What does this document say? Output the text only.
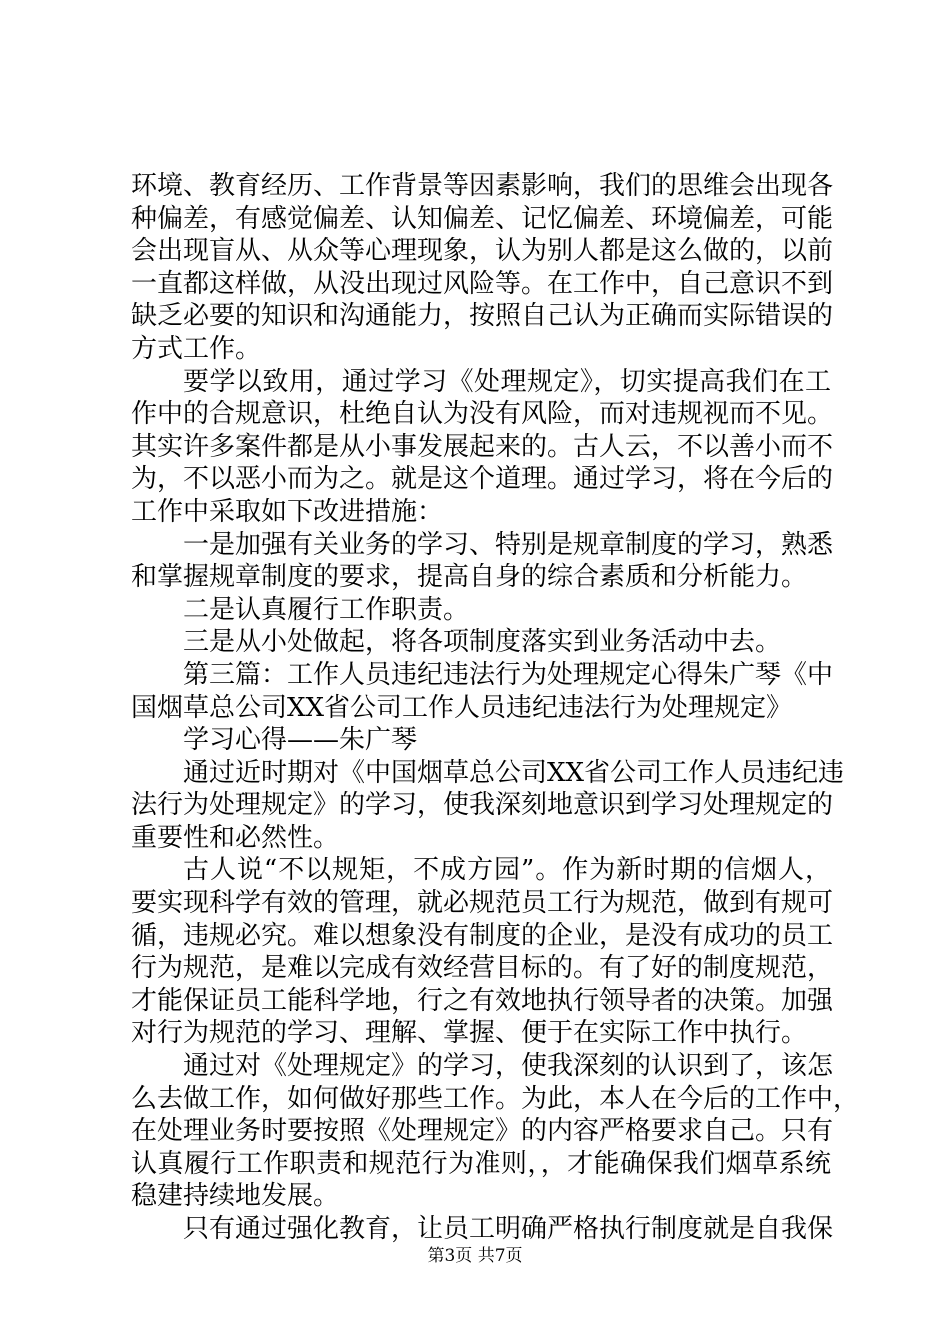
环境、教育经历、工作背景等因素影响，我们的思维会出现各
种偏差，有感觉偏差、认知偏差、记忆偏差、环境偏差，可能
会出现盲从、从众等心理现象，认为别人都是这么做的，以前
一直都这样做，从没出现过风险等。在工作中，自己意识不到
缺乏必要的知识和沟通能力，按照自己认为正确而实际错误的
方式工作。
要学以致用，通过学习《处理规定》，切实提高我们在工
作中的合规意识，杜绝自认为没有风险，而对违规视而不见。
其实许多案件都是从小事发展起来的。古人云，不以善小而不
为，不以恶小而为之。就是这个道理。通过学习，将在今后的
工作中采取如下改进措施：
一是加强有关业务的学习、特别是规章制度的学习，熟悉
和掌握规章制度的要求，提高自身的综合素质和分析能力。
二是认真履行工作职责。
三是从小处做起，将各项制度落实到业务活动中去。
第三篇：工作人员违纪违法行为处理规定心得朱广琴《中
国烟草总公司XX省公司工作人员违纪违法行为处理规定》
学习心得——朱广琴
通过近时期对《中国烟草总公司XX省公司工作人员违纪违
法行为处理规定》的学习，使我深刻地意识到学习处理规定的
重要性和必然性。
古人说“不以规矩，不成方园”。作为新时期的信烟人，
要实现科学有效的管理，就必规范员工行为规范，做到有规可
循，违规必究。难以想象没有制度的企业，是没有成功的员工
行为规范，是难以完成有效经营目标的。有了好的制度规范，
才能保证员工能科学地，行之有效地执行领导者的决策。加强
对行为规范的学习、理解、掌握、便于在实际工作中执行。
通过对《处理规定》的学习，使我深刻的认识到了，该怎
么去做工作，如何做好那些工作。为此，本人在今后的工作中，
在处理业务时要按照《处理规定》的内容严格要求自己。只有
认真履行工作职责和规范行为准则，，才能确保我们烟草系统
稳建持续地发展。
只有通过强化教育，让员工明确严格执行制度就是自我保
第3页 共7页
